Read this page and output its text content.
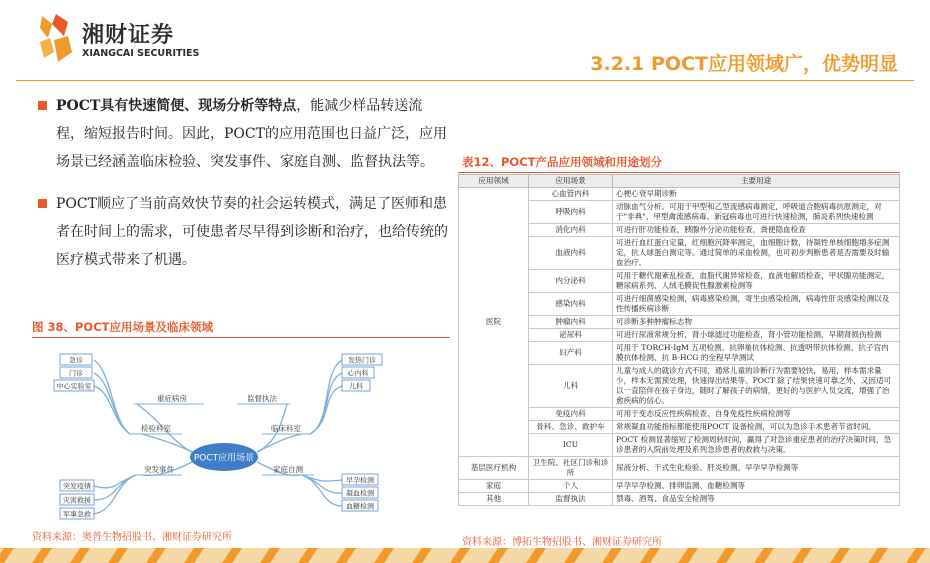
湘财证券
XIANGCAI SECURITIES	3.2.1 POCT应用领域广，优势明显
POCT具有快速简便、现场分析等特点，能减少样品转送流程，缩短报告时间。因此，POCT的应用范围也日益广泛，应用场景已经涵盖临床检验、突发事件、家庭自测、监督执法等。
POCT顺应了当前高效快节奏的社会运转模式，满足了医师和患者在时间上的需求，可使患者尽早得到诊断和治疗，也给传统的医疗模式带来了机遇。
图 38、POCT应用场景及临床领域
POCT应用场景
重症病房	监督执法
检验科室	临床科室
突发事件	家庭自测
急诊
门诊
中心实验室
发热门诊
心内科
儿科
突发疫情
灾害救援
军事急救
早孕检测
凝血检测
血糖检测
资料来源：奥普生物招股书、湘财证券研究所
表12、POCT产品应用领域和用途划分
应用领域	应用场景	主要用途
医院	心血管内科	心梗心衰早期诊断
	呼吸内科	动脉血气分析。可用于甲型和乙型流感病毒测定，呼吸道合胞病毒抗原测定，对于"非典"、甲型禽流感病毒、新冠病毒也可进行快速检测，肺炎系列快速检测
	消化内科	可进行肝功能检查，胰腺外分泌功能检查，粪便隐血检查
	血液内科	可进行血红蛋白定量，红细胞沉降率测定，血细胞计数，待凝性单核细胞增多症测定，抗人球蛋白测定等。通过简单的采血检测，也可初步判断患者是否需要及时输血治疗。
	内分泌科	可用于糖代谢紊乱检查，血脂代谢异常检查，血液电解质检查，甲状腺功能测定，糖尿病系列、人绒毛膜促性腺激素检测等
	感染内科	可进行细菌感染检测，病毒感染检测，寄生虫感染检测，病毒性肝炎感染检测以及性传播疾病诊断
	肿瘤内科	可诊断多种肿瘤标志物
	泌尿科	可进行尿液常规分析，肾小球滤过功能检查，肾小管功能检测，早期肾损伤检测
	妇产科	可用于 TORCH-IgM 五项检测、抗卵巢抗体检测、抗透明带抗体检测、抗子宫内膜抗体检测、抗 B-HCG 的全程早孕测试
	儿科	儿童与成人的就诊方式不同，通常儿童的诊断行为需要较快，易用，样本需求量少，样本无需预处理，快速得出结果等。POCT 除了结果快速可靠之外，又因适可以一直陪伴在孩子身边，随时了解孩子的病情，更好的与医护人员交流，增强了治愈疾病的信心。
	免疫内科	可用于变态反应性疾病检查、自身免疫性疾病检测等
	骨科、急诊、救护车	常规凝血功能指标都能使用POCT 设备检测，可以为急诊手术患者节省时间。
	ICU	POCT 检测显著缩短了检测周转时间，赢得了对急诊重症患者的治疗决策时间，急诊患者的入院前处理及系列急诊患者的救救与决策。
基层医疗机构	卫生院、社区门诊和诊所	尿液分析、干式生化检验、肝炎检测、早孕早孕检测等
家庭	个人	早孕早孕检测、排卵监测、血糖检测等
其他	监督执法	禁毒、酒驾、食品安全检测等
资料来源：博拓生物招股书、湘财证券研究所
